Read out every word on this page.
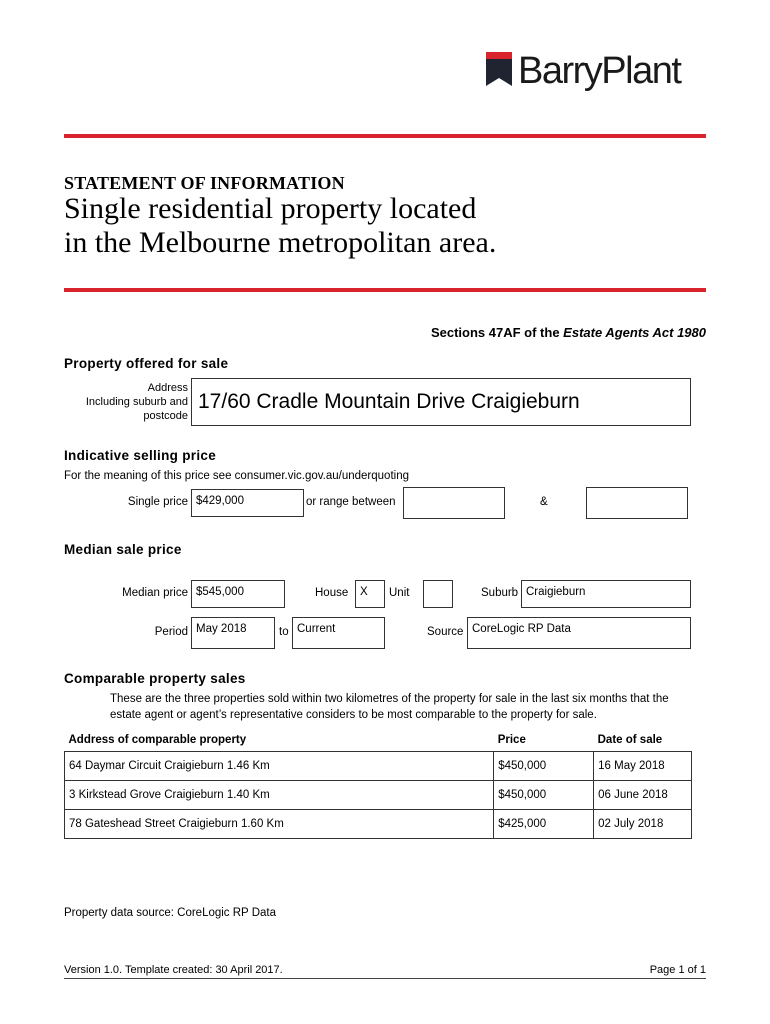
BarryPlant
STATEMENT OF INFORMATION
Single residential property located
in the Melbourne metropolitan area.
Sections 47AF of the Estate Agents Act 1980
Property offered for sale
Address
Including suburb and
postcode
17/60 Cradle Mountain Drive Craigieburn
Indicative selling price
For the meaning of this price see consumer.vic.gov.au/underquoting
Single price $429,000	or range between	&
Median sale price
Median price $545,000	House	X	Unit	Suburb Craigieburn
Period May 2018	to Current	Source CoreLogic RP Data
Comparable property sales
These are the three properties sold within two kilometres of the property for sale in the last six months that the
estate agent or agent’s representative considers to be most comparable to the property for sale.
Address of comparable property	Price	Date of sale
64 Daymar Circuit Craigieburn 1.46 Km	$450,000	16 May 2018
3 Kirkstead Grove Craigieburn 1.40 Km	$450,000	06 June 2018
78 Gateshead Street Craigieburn 1.60 Km	$425,000	02 July 2018
Property data source: CoreLogic RP Data
Version 1.0. Template created: 30 April 2017.	Page 1 of 1
